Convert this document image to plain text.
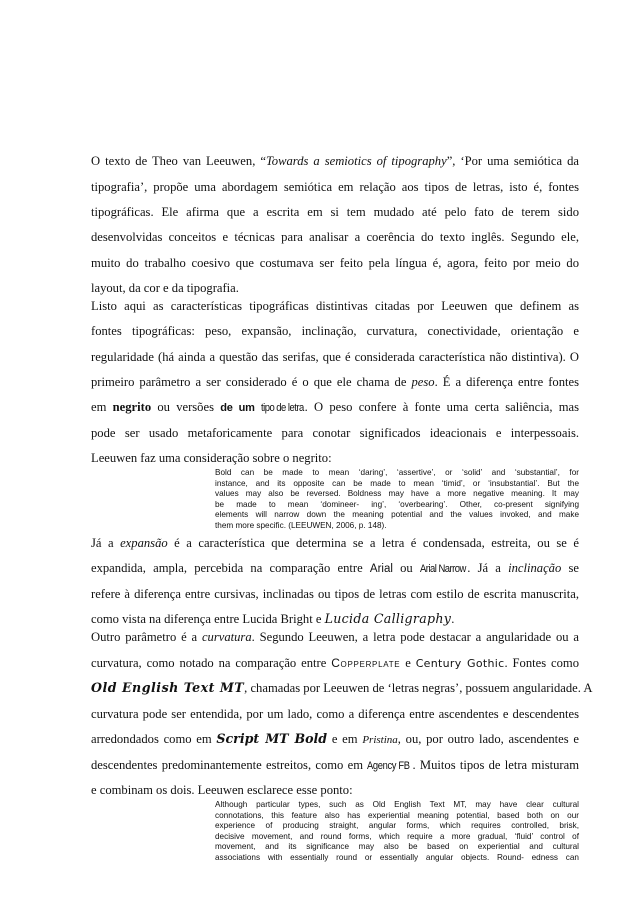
O texto de Theo van Leeuwen, “Towards a semiotics of tipography”, ‘Por uma semiótica da
tipografia’, propõe uma abordagem semiótica em relação aos tipos de letras, isto é, fontes
tipográficas. Ele afirma que a escrita em si tem mudado até pelo fato de terem sido
desenvolvidas conceitos e técnicas para analisar a coerência do texto inglês. Segundo ele,
muito do trabalho coesivo que costumava ser feito pela língua é, agora, feito por meio do
layout, da cor e da tipografia.
Listo aqui as características tipográficas distintivas citadas por Leeuwen que definem as
fontes tipográficas: peso, expansão, inclinação, curvatura, conectividade, orientação e
regularidade (há ainda a questão das serifas, que é considerada característica não distintiva). O
primeiro parâmetro a ser considerado é o que ele chama de peso. É a diferença entre fontes
em negrito ou versões de um tipo de letra. O peso confere à fonte uma certa saliência, mas
pode ser usado metaforicamente para conotar significados ideacionais e interpessoais.
Leeuwen faz uma consideração sobre o negrito:
Bold can be made to mean ‘daring’, ‘assertive’, or ‘solid’ and ‘substantial’, for
instance, and its opposite can be made to mean ‘timid’, or ‘insubstantial’. But the
values may also be reversed. Boldness may have a more negative meaning. It may
be made to mean ‘domineer- ing’, ‘overbearing’. Other, co-present signifying
elements will narrow down the meaning potential and the values invoked, and make
them more specific. (LEEUWEN, 2006, p. 148).
Já a expansão é a característica que determina se a letra é condensada, estreita, ou se é
expandida, ampla, percebida na comparação entre Arial ou Arial Narrow. Já a inclinação se
refere à diferença entre cursivas, inclinadas ou tipos de letras com estilo de escrita manuscrita,
como vista na diferença entre Lucida Bright e Lucida Calligraphy.
Outro parâmetro é a curvatura. Segundo Leeuwen, a letra pode destacar a angularidade ou a
curvatura, como notado na comparação entre Copperplate e Century Gothic. Fontes como
Old English Text MT, chamadas por Leeuwen de ‘letras negras’, possuem angularidade. A
curvatura pode ser entendida, por um lado, como a diferença entre ascendentes e descendentes
arredondados como em Script MT Bold e em Pristina, ou, por outro lado, ascendentes e
descendentes predominantemente estreitos, como em Agency FB . Muitos tipos de letra misturam
e combinam os dois. Leeuwen esclarece esse ponto:
Although particular types, such as Old English Text MT, may have clear cultural
connotations, this feature also has experiential meaning potential, based both on our
experience of producing straight, angular forms, which requires controlled, brisk,
decisive movement, and round forms, which require a more gradual, ‘fluid’ control of
movement, and its significance may also be based on experiential and cultural
associations with essentially round or essentially angular objects. Round- edness can
